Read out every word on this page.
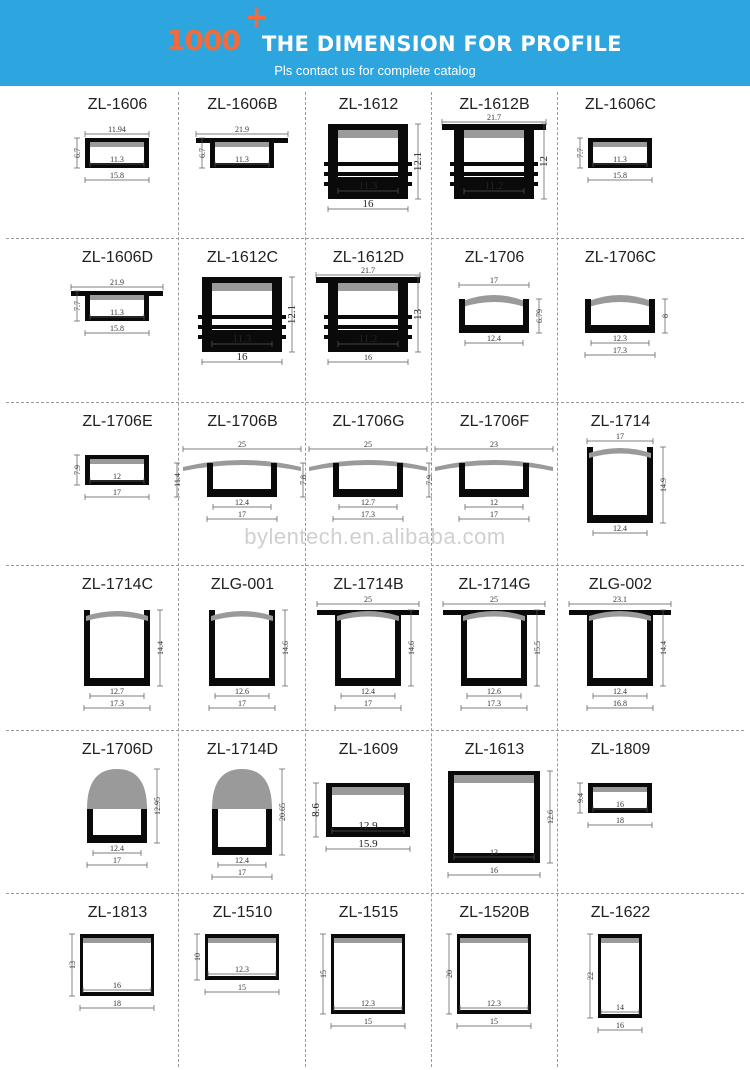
1000
+
THE DIMENSION FOR PROFILE
Pls contact us for complete catalog
bylentech.en.alibaba.com
ZL-1606
11.94
6.7
11.3
15.8
ZL-1606B
21.9
6.7
11.3
ZL-1612
12.1
11.3
16
ZL-1612B
21.7
12
11.2
ZL-1606C
7.7
11.3
15.8
ZL-1606D
21.9
7.7
11.3
15.8
ZL-1612C
12.1
11.3
16
ZL-1612D
21.7
13
11.2
16
ZL-1706
17
6.79
12.4
ZL-1706C
8
12.3
17.3
ZL-1706E
7.9
12
17
ZL-1706B
25
11.4
12.4
17
ZL-1706G
25
7.8
12.7
17.3
ZL-1706F
23
7.9
12
17
ZL-1714
17
14.9
12.4
ZL-1714C
14.4
12.7
17.3
ZLG-001
14.6
12.6
17
ZL-1714B
25
14.6
12.4
17
ZL-1714G
25
15.5
12.6
17.3
ZLG-002
23.1
14.4
12.4
16.8
ZL-1706D
12.95
12.4
17
ZL-1714D
20.65
12.4
17
ZL-1609
8.6
12.9
15.9
ZL-1613
12.6
13
16
ZL-1809
9.4
16
18
ZL-1813
13
16
18
ZL-1510
10
12.3
15
ZL-1515
15
12.3
15
ZL-1520B
20
12.3
15
ZL-1622
22
14
16
